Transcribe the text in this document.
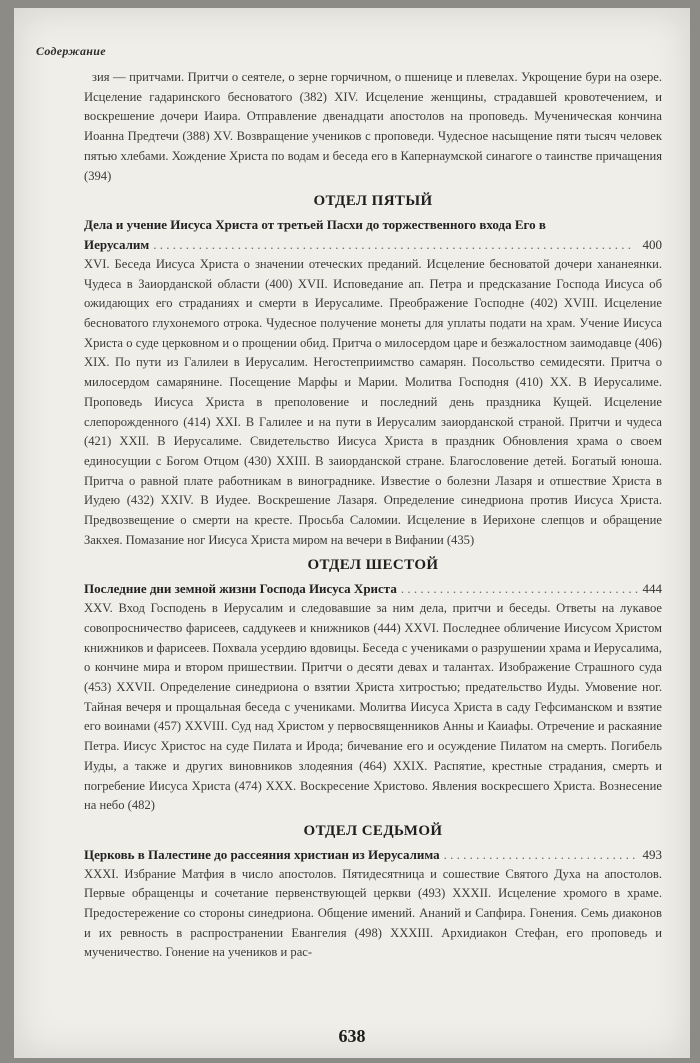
Содержание

зия — притчами. Притчи о сеятеле, о зерне горчичном, о пшенице и плевелах. Укрощение бури на озере. Исцеление гадаринского бесноватого (382) XIV. Исцеление женщины, страдавшей кровотечением, и воскрешение дочери Иаира. Отправление двенадцати апостолов на проповедь. Мученическая кончина Иоанна Предтечи (388) XV. Возвращение учеников с проповеди. Чудесное насыщение пяти тысяч человек пятью хлебами. Хождение Христа по водам и беседа его в Капернаумской синагоге о таинстве причащения (394)

ОТДЕЛ ПЯТЫЙ
Дела и учение Иисуса Христа от третьей Пасхи до торжественного входа Его в
Иерусалим . . .	400

XVI. Беседа Иисуса Христа о значении отеческих преданий. Исцеление бесноватой дочери хананеянки. Чудеса в Заиорданской области (400) XVII. Исповедание ап. Петра и предсказание Господа Иисуса об ожидающих его страданиях и смерти в Иерусалиме. Преображение Господне (402) XVIII. Исцеление бесноватого глухонемого отрока. Чудесное получение монеты для уплаты подати на храм. Учение Иисуса Христа о суде церковном и о прощении обид. Притча о милосердом царе и безжалостном заимодавце (406) XIX. По пути из Галилеи в Иерусалим. Негостеприимство самарян. Посольство семидесяти. Притча о милосердом самарянине. Посещение Марфы и Марии. Молитва Господня (410) XX. В Иерусалиме. Проповедь Иисуса Христа в преполовение и последний день праздника Кущей. Исцеление слепорожденного (414) XXI. В Галилее и на пути в Иерусалим заиорданской страной. Притчи и чудеса (421) XXII. В Иерусалиме. Свидетельство Иисуса Христа в праздник Обновления храма о своем единосущии с Богом Отцом (430) XXIII. В заиорданской стране. Благословение детей. Богатый юноша. Притча о равной плате работникам в винограднике. Известие о болезни Лазаря и отшествие Христа в Иудею (432) XXIV. В Иудее. Воскрешение Лазаря. Определение синедриона против Иисуса Христа. Предвозвещение о смерти на кресте. Просьба Саломии. Исцеление в Иерихоне слепцов и обращение Закхея. Помазание ног Иисуса Христа миром на вечери в Вифании (435)

ОТДЕЛ ШЕСТОЙ
Последние дни земной жизни Господа Иисуса Христа . . .	444

XXV. Вход Господень в Иерусалим и следовавшие за ним дела, притчи и беседы. Ответы на лукавое совопросничество фарисеев, саддукеев и книжников (444) XXVI. Последнее обличение Иисусом Христом книжников и фарисеев. Похвала усердию вдовицы. Беседа с учениками о разрушении храма и Иерусалима, о кончине мира и втором пришествии. Притчи о десяти девах и талантах. Изображение Страшного суда (453) XXVII. Определение синедриона о взятии Христа хитростью; предательство Иуды. Умовение ног. Тайная вечеря и прощальная беседа с учениками. Молитва Иисуса Христа в саду Гефсиманском и взятие его воинами (457) XXVIII. Суд над Христом у первосвященников Анны и Каиафы. Отречение и раскаяние Петра. Иисус Христос на суде Пилата и Ирода; бичевание его и осуждение Пилатом на смерть. Погибель Иуды, а также и других виновников злодеяния (464) XXIX. Распятие, крестные страдания, смерть и погребение Иисуса Христа (474) XXX. Воскресение Христово. Явления воскресшего Христа. Вознесение на небо (482)

ОТДЕЛ СЕДЬМОЙ
Церковь в Палестине до рассеяния христиан из Иерусалима . . .	493

XXXI. Избрание Матфия в число апостолов. Пятидесятница и сошествие Святого Духа на апостолов. Первые обращенцы и сочетание первенствующей церкви (493) XXXII. Исцеление хромого в храме. Предостережение со стороны синедриона. Общение имений. Ананий и Сапфира. Гонения. Семь диаконов и их ревность в распространении Евангелия (498) XXXIII. Архидиакон Стефан, его проповедь и мученичество. Гонение на учеников и рас-

638
